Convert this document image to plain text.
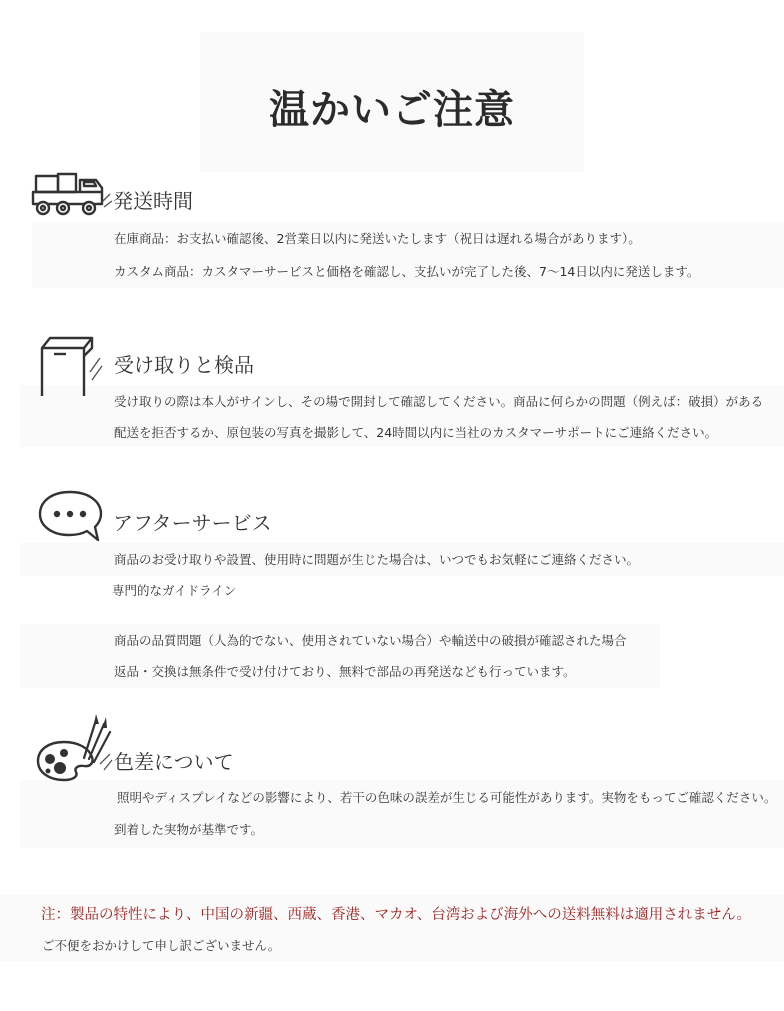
温かいご注意
発送時間
在庫商品：お支払い確認後、2営業日以内に発送いたします（祝日は遅れる場合があります）。
カスタム商品：カスタマーサービスと価格を確認し、支払いが完了した後、7〜14日以内に発送します。
受け取りと検品
受け取りの際は本人がサインし、その場で開封して確認してください。商品に何らかの問題（例えば：破損）がある
配送を拒否するか、原包装の写真を撮影して、24時間以内に当社のカスタマーサポートにご連絡ください。
アフターサービス
商品のお受け取りや設置、使用時に問題が生じた場合は、いつでもお気軽にご連絡ください。
専門的なガイドライン
商品の品質問題（人為的でない、使用されていない場合）や輸送中の破損が確認された場合
返品・交換は無条件で受け付けており、無料で部品の再発送なども行っています。
色差について
照明やディスプレイなどの影響により、若干の色味の誤差が生じる可能性があります。実物をもってご確認ください。
到着した実物が基準です。
注：製品の特性により、中国の新疆、西蔵、香港、マカオ、台湾および海外への送料無料は適用されません。
ご不便をおかけして申し訳ございません。
